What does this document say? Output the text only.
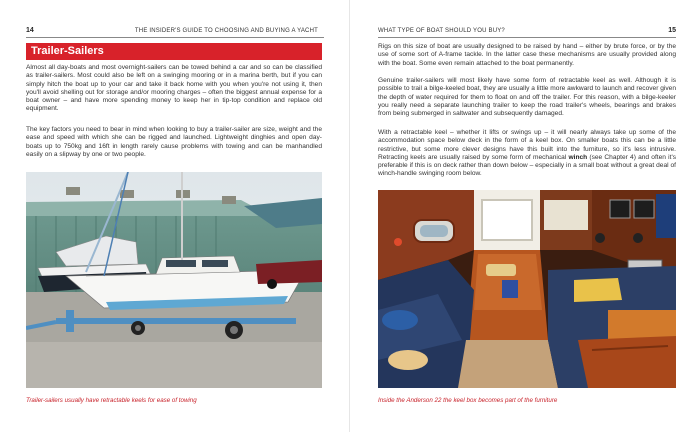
14	THE INSIDER'S GUIDE TO CHOOSING AND BUYING A YACHT
Trailer-Sailers

Almost all day-boats and most overnight-sailers can be towed behind a car and so can be classified as trailer-sailers. Most could also be left on a swinging mooring or in a marina berth, but if you can simply hitch the boat up to your car and take it back home with you when you're not using it, then you'll avoid shelling out for storage and/or mooring charges – often the biggest annual expense for a boat owner – and have more spending money to keep her in tip-top condition and replace old equipment.

The key factors you need to bear in mind when looking to buy a trailer-sailer are size, weight and the ease and speed with which she can be rigged and launched. Lightweight dinghies and open day-boats up to 750kg and 16ft in length rarely cause problems with towing and can be manhandled easily on a slipway by one or two people.

Trailer-sailers usually have retractable keels for ease of towing
WHAT TYPE OF BOAT SHOULD YOU BUY?	15

Rigs on this size of boat are usually designed to be raised by hand – either by brute force, or by the use of some sort of A-frame tackle. In the latter case these mechanisms are usually provided along with the boat. Some even remain attached to the boat permanently.

Genuine trailer-sailers will most likely have some form of retractable keel as well. Although it is possible to trail a bilge-keeled boat, they are usually a little more awkward to launch and recover given the depth of water required for them to float on and off the trailer. For this reason, with a bilge-keeler you really need a separate launching trailer to keep the road trailer's wheels, bearings and brakes from being submerged in saltwater and subsequently damaged.

With a retractable keel – whether it lifts or swings up – it will nearly always take up some of the accommodation space below deck in the form of a keel box. On smaller boats this can be a little restrictive, but some more clever designs have this built into the furniture, so it's less intrusive. Retracting keels are usually raised by some form of mechanical winch (see Chapter 4) and often it's preferable if this is on deck rather than down below – especially in a small boat without a great deal of winch-handle swinging room below.

Inside the Anderson 22 the keel box becomes part of the furniture
